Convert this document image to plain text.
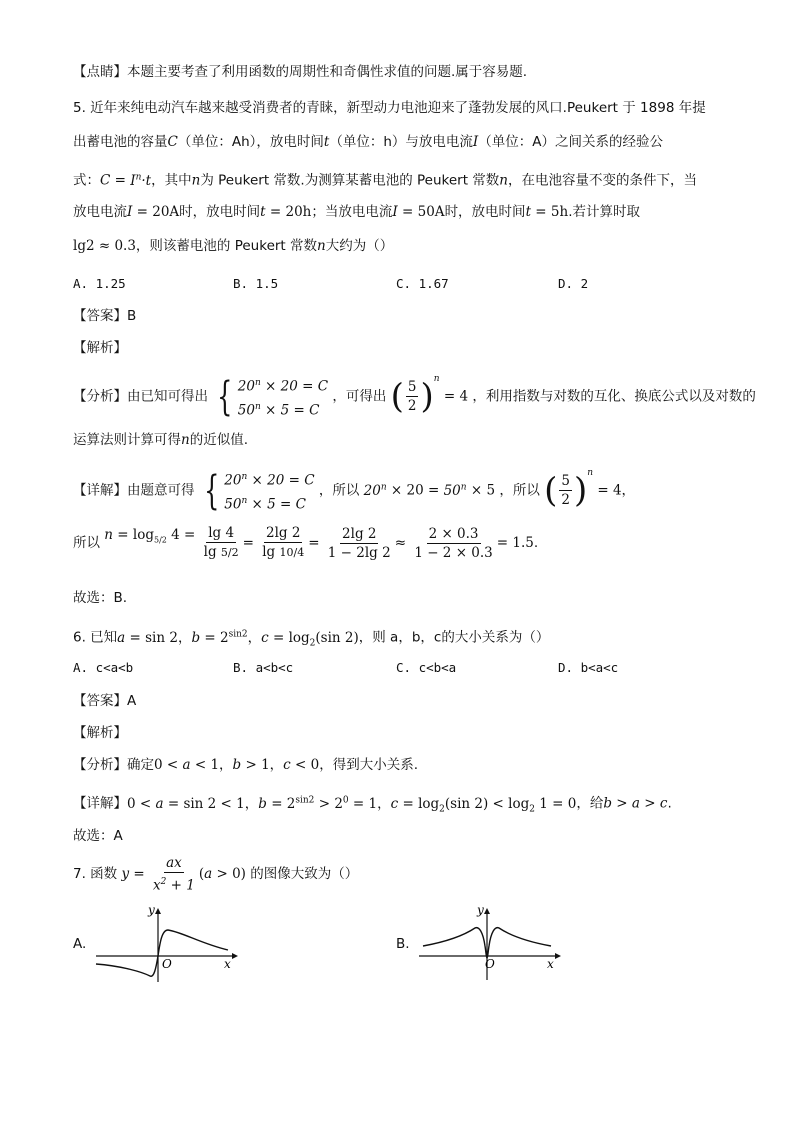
【点睛】本题主要考查了利用函数的周期性和奇偶性求值的问题.属于容易题.
5. 近年来纯电动汽车越来越受消费者的青睐，新型动力电池迎来了蓬勃发展的风口.Peukert 于 1898 年提
出蓄电池的容量C（单位：Ah），放电时间t（单位：h）与放电电流I（单位：A）之间关系的经验公
式：$C = I^n\cdot t$，其中n为 Peukert 常数.为测算某蓄电池的 Peukert 常数n，在电池容量不变的条件下，当
放电电流I = 20A时，放电时间t = 20h；当放电电流I = 50A时，放电时间t = 5h.若计算时取
lg2 ≈ 0.3，则该蓄电池的 Peukert 常数n大约为（）
A. 1.25	B. 1.5	C. 1.67	D. 2
【答案】B
【解析】
【分析】由已知可得出 { $20^n \times 20 = C$
$50^n \times 5 = C$
，可得出 ( $\frac{5}{2} )^n = 4$ ，利用指数与对数的互化、换底公式以及对数的
运算法则计算可得n的近似值.
【详解】由题意可得 { $20^n \times 20 = C$
$50^n \times 5 = C$
，所以 $20^n \times 20 = 50^n \times 5$ ，所以 ( $\frac{5}{2} )^n = 4$，
所以 $n = \log_{5/2} 4 = \frac{\lg 4}{\lg 5/2} = \frac{2\lg 2}{\lg 10/4} = \frac{2\lg 2}{1 - 2\lg 2} \approx \frac{2 \times 0.3}{1 - 2 \times 0.3} = 1.5$.
故选：B.
6. 已知a = sin 2，$b = 2^{sin2}$，$c = \log_2(\sin$ 2)，则 a，b，c的大小关系为（）
A. c<a<b	B. a<b<c	C. c<b<a	D. b<a<c
【答案】A
【解析】
【分析】确定0 < a < 1，b > 1，c < 0，得到大小关系.
【详解】0 < a = sin 2 < 1，$b = 2^{sin2} > 2^0 = 1$，$c = \log_2(\sin$ $2) < \log_2 1 = 0$，给b > a > c.
故选：A
7. 函数 $y = \frac{ax}{x^2 + 1} (a > 0)$ 的图像大致为（）
A.
y
O	x
B.
y
O	x
